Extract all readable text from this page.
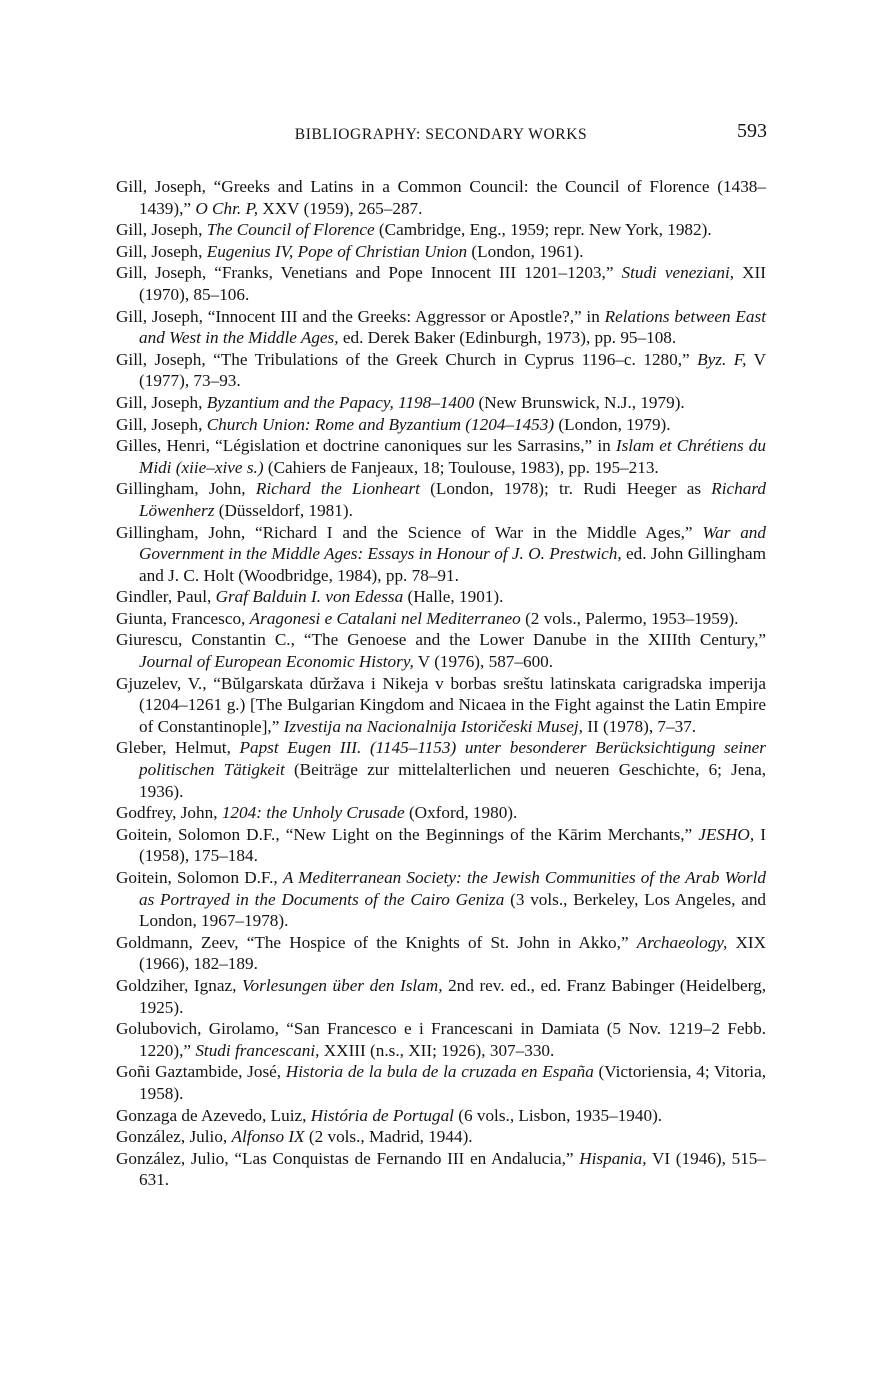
BIBLIOGRAPHY: SECONDARY WORKS	593

Gill, Joseph, “Greeks and Latins in a Common Council: the Council of Florence (1438–1439),” O Chr. P, XXV (1959), 265–287.

Gill, Joseph, The Council of Florence (Cambridge, Eng., 1959; repr. New York, 1982).

Gill, Joseph, Eugenius IV, Pope of Christian Union (London, 1961).

Gill, Joseph, “Franks, Venetians and Pope Innocent III 1201–1203,” Studi veneziani, XII (1970), 85–106.

Gill, Joseph, “Innocent III and the Greeks: Aggressor or Apostle?,” in Relations between East and West in the Middle Ages, ed. Derek Baker (Edinburgh, 1973), pp. 95–108.

Gill, Joseph, “The Tribulations of the Greek Church in Cyprus 1196–c. 1280,” Byz. F, V (1977), 73–93.

Gill, Joseph, Byzantium and the Papacy, 1198–1400 (New Brunswick, N.J., 1979).

Gill, Joseph, Church Union: Rome and Byzantium (1204–1453) (London, 1979).

Gilles, Henri, “Législation et doctrine canoniques sur les Sarrasins,” in Islam et Chrétiens du Midi (xiie–xive s.) (Cahiers de Fanjeaux, 18; Toulouse, 1983), pp. 195–213.

Gillingham, John, Richard the Lionheart (London, 1978); tr. Rudi Heeger as Richard Löwenherz (Düsseldorf, 1981).

Gillingham, John, “Richard I and the Science of War in the Middle Ages,” War and Government in the Middle Ages: Essays in Honour of J. O. Prestwich, ed. John Gillingham and J. C. Holt (Woodbridge, 1984), pp. 78–91.

Gindler, Paul, Graf Balduin I. von Edessa (Halle, 1901).

Giunta, Francesco, Aragonesi e Catalani nel Mediterraneo (2 vols., Palermo, 1953–1959).

Giurescu, Constantin C., “The Genoese and the Lower Danube in the XIIIth Century,” Journal of European Economic History, V (1976), 587–600.

Gjuzelev, V., “Bŭlgarskata dŭržava i Nikeja v borbas sreštu latinskata carigradska imperija (1204–1261 g.) [The Bulgarian Kingdom and Nicaea in the Fight against the Latin Empire of Constantinople],” Izvestija na Nacionalnija Istoričeski Musej, II (1978), 7–37.

Gleber, Helmut, Papst Eugen III. (1145–1153) unter besonderer Berücksichtigung seiner politischen Tätigkeit (Beiträge zur mittelalterlichen und neueren Geschichte, 6; Jena, 1936).

Godfrey, John, 1204: the Unholy Crusade (Oxford, 1980).

Goitein, Solomon D.F., “New Light on the Beginnings of the Kārim Merchants,” JESHO, I (1958), 175–184.

Goitein, Solomon D.F., A Mediterranean Society: the Jewish Communities of the Arab World as Portrayed in the Documents of the Cairo Geniza (3 vols., Berkeley, Los Angeles, and London, 1967–1978).

Goldmann, Zeev, “The Hospice of the Knights of St. John in Akko,” Archaeology, XIX (1966), 182–189.

Goldziher, Ignaz, Vorlesungen über den Islam, 2nd rev. ed., ed. Franz Babinger (Heidelberg, 1925).

Golubovich, Girolamo, “San Francesco e i Francescani in Damiata (5 Nov. 1219–2 Febb. 1220),” Studi francescani, XXIII (n.s., XII; 1926), 307–330.

Goñi Gaztambide, José, Historia de la bula de la cruzada en España (Victoriensia, 4; Vitoria, 1958).

Gonzaga de Azevedo, Luiz, História de Portugal (6 vols., Lisbon, 1935–1940).

González, Julio, Alfonso IX (2 vols., Madrid, 1944).

González, Julio, “Las Conquistas de Fernando III en Andalucia,” Hispania, VI (1946), 515–631.
